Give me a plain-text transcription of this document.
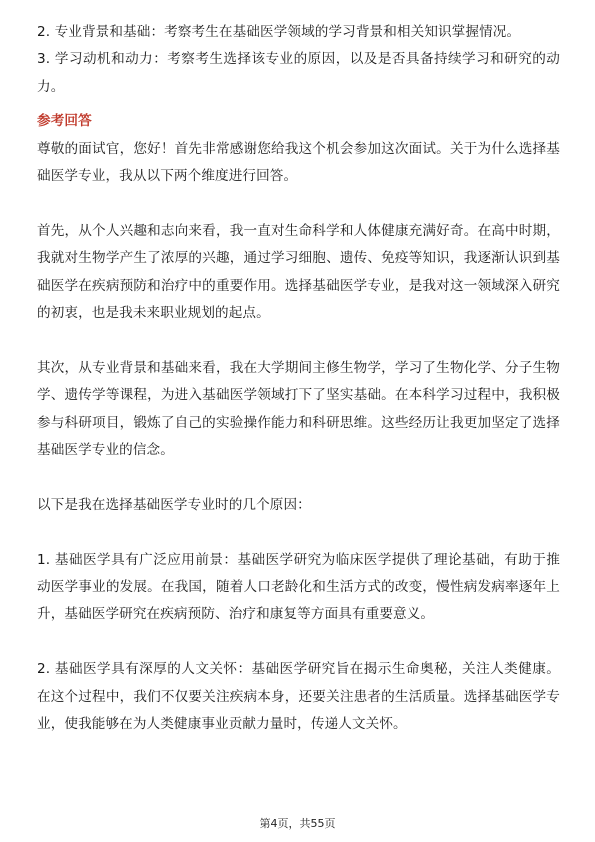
2. 专业背景和基础：考察考生在基础医学领域的学习背景和相关知识掌握情况。

3. 学习动机和动力：考察考生选择该专业的原因，以及是否具备持续学习和研究的动力。

参考回答

尊敬的面试官，您好！首先非常感谢您给我这个机会参加这次面试。关于为什么选择基础医学专业，我从以下两个维度进行回答。

首先，从个人兴趣和志向来看，我一直对生命科学和人体健康充满好奇。在高中时期，我就对生物学产生了浓厚的兴趣，通过学习细胞、遗传、免疫等知识，我逐渐认识到基础医学在疾病预防和治疗中的重要作用。选择基础医学专业，是我对这一领域深入研究的初衷，也是我未来职业规划的起点。

其次，从专业背景和基础来看，我在大学期间主修生物学，学习了生物化学、分子生物学、遗传学等课程，为进入基础医学领域打下了坚实基础。在本科学习过程中，我积极参与科研项目，锻炼了自己的实验操作能力和科研思维。这些经历让我更加坚定了选择基础医学专业的信念。

以下是我在选择基础医学专业时的几个原因：

1. 基础医学具有广泛应用前景：基础医学研究为临床医学提供了理论基础，有助于推动医学事业的发展。在我国，随着人口老龄化和生活方式的改变，慢性病发病率逐年上升，基础医学研究在疾病预防、治疗和康复等方面具有重要意义。

2. 基础医学具有深厚的人文关怀：基础医学研究旨在揭示生命奥秘，关注人类健康。在这个过程中，我们不仅要关注疾病本身，还要关注患者的生活质量。选择基础医学专业，使我能够在为人类健康事业贡献力量时，传递人文关怀。

第4页，共55页
